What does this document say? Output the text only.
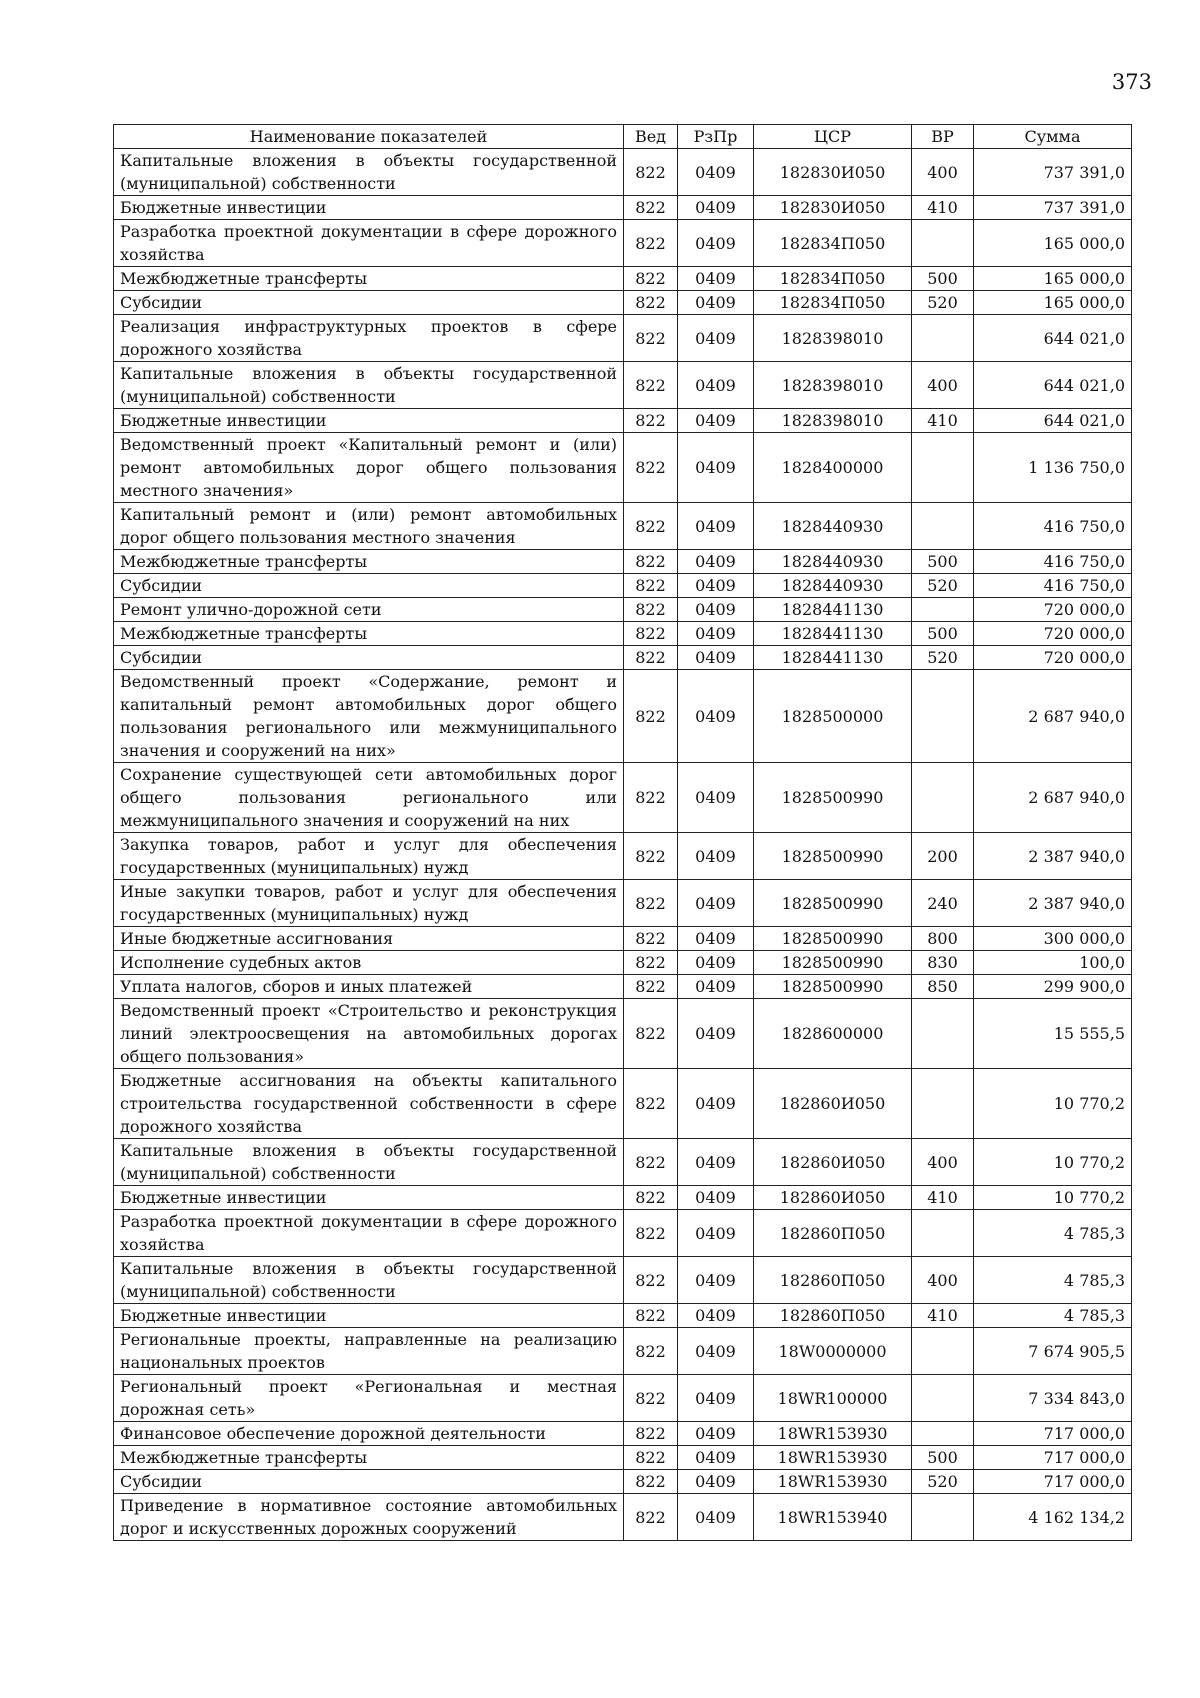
373
Наименование показателей	Вед	РзПр	ЦСР	ВР	Сумма
Капитальные вложения в объекты государственной (муниципальной) собственности	822	0409	182830И050	400	737 391,0
Бюджетные инвестиции	822	0409	182830И050	410	737 391,0
Разработка проектной документации в сфере дорожного хозяйства	822	0409	182834П050		165 000,0
Межбюджетные трансферты	822	0409	182834П050	500	165 000,0
Субсидии	822	0409	182834П050	520	165 000,0
Реализация инфраструктурных проектов в сфере дорожного хозяйства	822	0409	1828398010		644 021,0
Капитальные вложения в объекты государственной (муниципальной) собственности	822	0409	1828398010	400	644 021,0
Бюджетные инвестиции	822	0409	1828398010	410	644 021,0
Ведомственный проект «Капитальный ремонт и (или) ремонт автомобильных дорог общего пользования местного значения»	822	0409	1828400000		1 136 750,0
Капитальный ремонт и (или) ремонт автомобильных дорог общего пользования местного значения	822	0409	1828440930		416 750,0
Межбюджетные трансферты	822	0409	1828440930	500	416 750,0
Субсидии	822	0409	1828440930	520	416 750,0
Ремонт улично-дорожной сети	822	0409	1828441130		720 000,0
Межбюджетные трансферты	822	0409	1828441130	500	720 000,0
Субсидии	822	0409	1828441130	520	720 000,0
Ведомственный проект «Содержание, ремонт и капитальный ремонт автомобильных дорог общего пользования регионального или межмуниципального значения и сооружений на них»	822	0409	1828500000		2 687 940,0
Сохранение существующей сети автомобильных дорог общего пользования регионального или межмуниципального значения и сооружений на них	822	0409	1828500990		2 687 940,0
Закупка товаров, работ и услуг для обеспечения государственных (муниципальных) нужд	822	0409	1828500990	200	2 387 940,0
Иные закупки товаров, работ и услуг для обеспечения государственных (муниципальных) нужд	822	0409	1828500990	240	2 387 940,0
Иные бюджетные ассигнования	822	0409	1828500990	800	300 000,0
Исполнение судебных актов	822	0409	1828500990	830	100,0
Уплата налогов, сборов и иных платежей	822	0409	1828500990	850	299 900,0
Ведомственный проект «Строительство и реконструкция линий электроосвещения на автомобильных дорогах общего пользования»	822	0409	1828600000		15 555,5
Бюджетные ассигнования на объекты капитального строительства государственной собственности в сфере дорожного хозяйства	822	0409	182860И050		10 770,2
Капитальные вложения в объекты государственной (муниципальной) собственности	822	0409	182860И050	400	10 770,2
Бюджетные инвестиции	822	0409	182860И050	410	10 770,2
Разработка проектной документации в сфере дорожного хозяйства	822	0409	182860П050		4 785,3
Капитальные вложения в объекты государственной (муниципальной) собственности	822	0409	182860П050	400	4 785,3
Бюджетные инвестиции	822	0409	182860П050	410	4 785,3
Региональные проекты, направленные на реализацию национальных проектов	822	0409	18W0000000		7 674 905,5
Региональный проект «Региональная и местная дорожная сеть»	822	0409	18WR100000		7 334 843,0
Финансовое обеспечение дорожной деятельности	822	0409	18WR153930		717 000,0
Межбюджетные трансферты	822	0409	18WR153930	500	717 000,0
Субсидии	822	0409	18WR153930	520	717 000,0
Приведение в нормативное состояние автомобильных дорог и искусственных дорожных сооружений	822	0409	18WR153940		4 162 134,2
